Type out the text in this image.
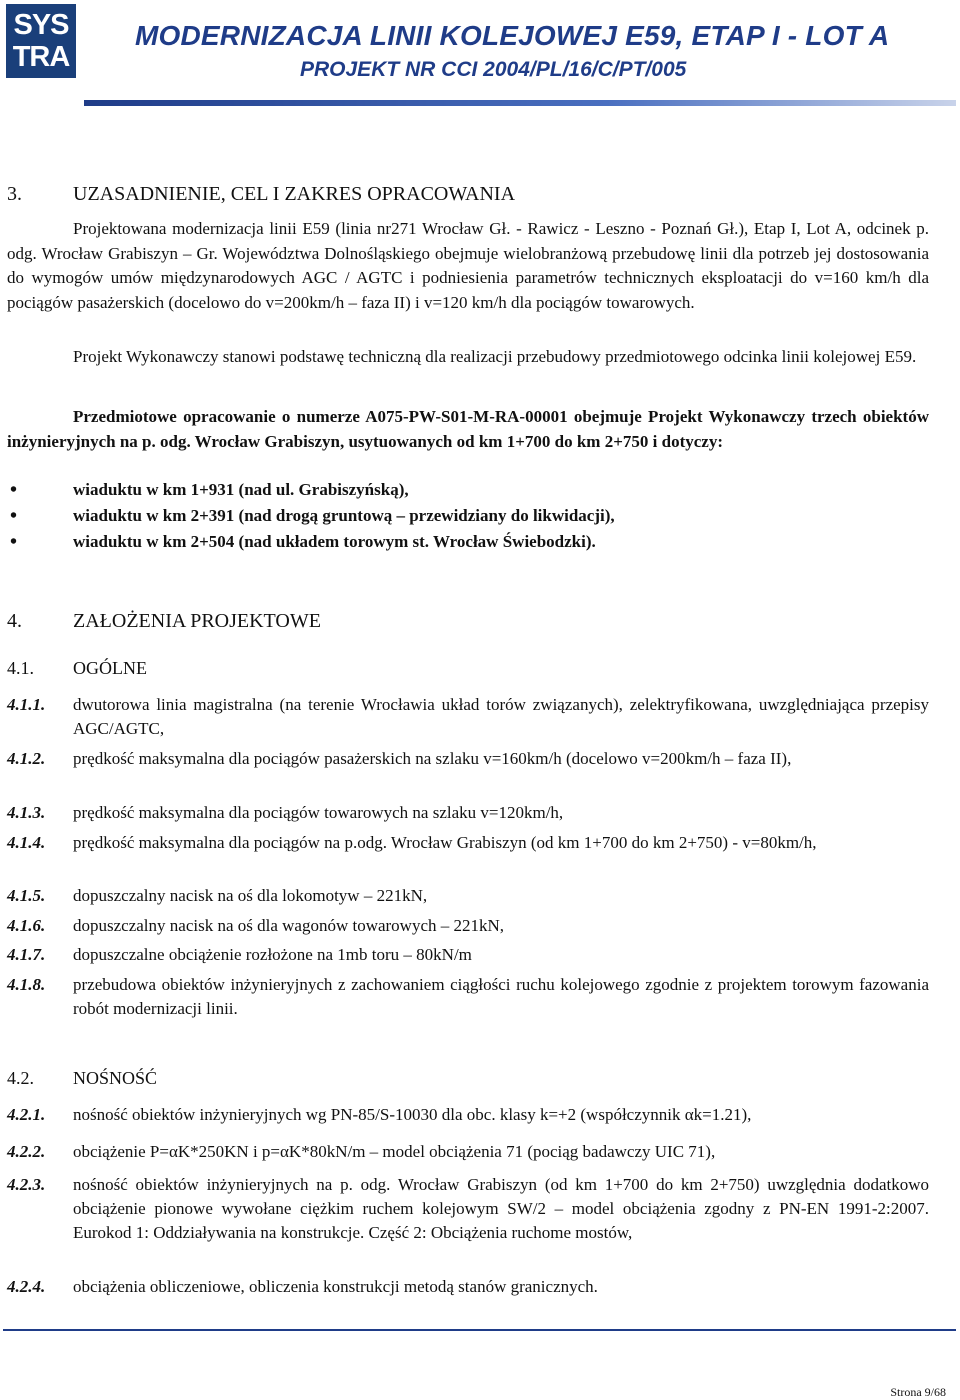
SYS
TRA
MODERNIZACJA LINII KOLEJOWEJ E59, ETAP I - LOT A
PROJEKT NR CCI 2004/PL/16/C/PT/005
3.	UZASADNIENIE, CEL I ZAKRES OPRACOWANIA
Projektowana modernizacja linii E59 (linia nr271 Wrocław Gł. - Rawicz - Leszno - Poznań Gł.), Etap I, Lot A, odcinek p. odg. Wrocław Grabiszyn – Gr. Województwa Dolnośląskiego obejmuje wielobranżową przebudowę linii dla potrzeb jej dostosowania do wymogów umów międzynarodowych AGC / AGTC i podniesienia parametrów technicznych eksploatacji do v=160 km/h dla pociągów pasażerskich (docelowo do v=200km/h – faza II) i v=120 km/h dla pociągów towarowych.
Projekt Wykonawczy stanowi podstawę techniczną dla realizacji przebudowy przedmiotowego odcinka linii kolejowej E59.
Przedmiotowe opracowanie o numerze A075-PW-S01-M-RA-00001 obejmuje Projekt Wykonawczy trzech obiektów inżynieryjnych na p. odg. Wrocław Grabiszyn, usytuowanych od km 1+700 do km 2+750 i dotyczy:
•	wiaduktu w km 1+931 (nad ul. Grabiszyńską),
•	wiaduktu w km 2+391 (nad drogą gruntową – przewidziany do likwidacji),
•	wiaduktu w km 2+504 (nad układem torowym st. Wrocław Świebodzki).
4.	ZAŁOŻENIA PROJEKTOWE
4.1. OGÓLNE
4.1.1. dwutorowa linia magistralna (na terenie Wrocławia układ torów związanych), zelektryfikowana, uwzględniająca przepisy AGC/AGTC,
4.1.2. prędkość maksymalna dla pociągów pasażerskich na szlaku v=160km/h (docelowo v=200km/h – faza II),
4.1.3. prędkość maksymalna dla pociągów towarowych na szlaku v=120km/h,
4.1.4. prędkość maksymalna dla pociągów na p.odg. Wrocław Grabiszyn (od km 1+700 do km 2+750) - v=80km/h,
4.1.5. dopuszczalny nacisk na oś dla lokomotyw – 221kN,
4.1.6. dopuszczalny nacisk na oś dla wagonów towarowych – 221kN,
4.1.7. dopuszczalne obciążenie rozłożone na 1mb toru – 80kN/m
4.1.8. przebudowa obiektów inżynieryjnych z zachowaniem ciągłości ruchu kolejowego zgodnie z projektem torowym fazowania robót modernizacji linii.
4.2. NOŚNOŚĆ
4.2.1. nośność obiektów inżynieryjnych wg PN-85/S-10030 dla obc. klasy k=+2 (współczynnik αk=1.21),
4.2.2. obciążenie P=αK*250KN i p=αK*80kN/m – model obciążenia 71 (pociąg badawczy UIC 71),
4.2.3. nośność obiektów inżynieryjnych na p. odg. Wrocław Grabiszyn (od km 1+700 do km 2+750) uwzględnia dodatkowo obciążenie pionowe wywołane ciężkim ruchem kolejowym SW/2 – model obciążenia zgodny z PN-EN 1991-2:2007. Eurokod 1: Oddziaływania na konstrukcje. Część 2: Obciążenia ruchome mostów,
4.2.4. obciążenia obliczeniowe, obliczenia konstrukcji metodą stanów granicznych.
Strona 9/68
